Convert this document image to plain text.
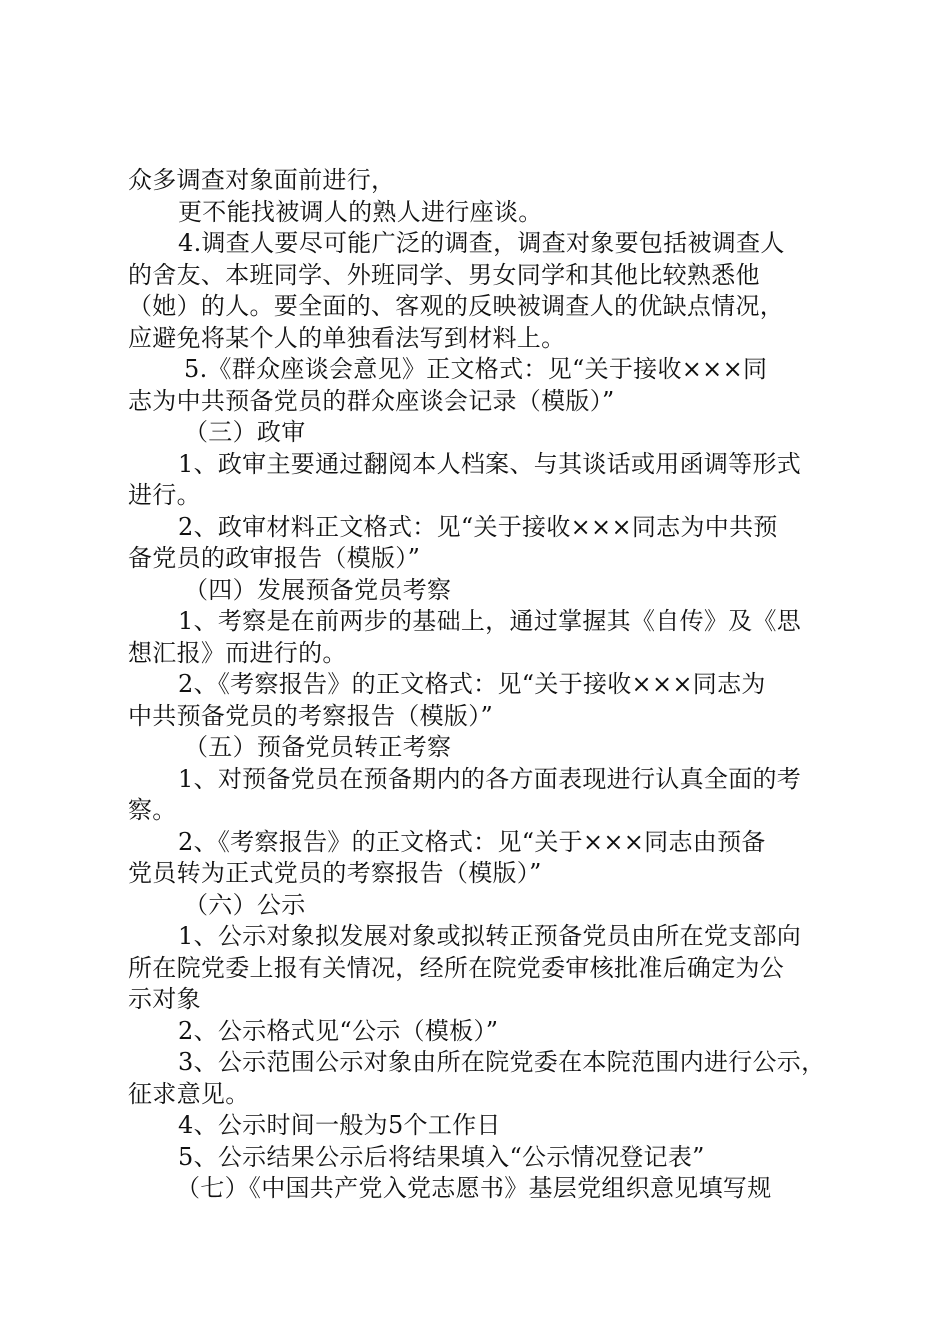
众多调查对象面前进行，
更不能找被调人的熟人进行座谈。
4.调查人要尽可能广泛的调查，调查对象要包括被调查人
的舍友、本班同学、外班同学、男女同学和其他比较熟悉他
（她）的人。要全面的、客观的反映被调查人的优缺点情况，
应避免将某个人的单独看法写到材料上。
5.《群众座谈会意见》正文格式：见“关于接收×××同
志为中共预备党员的群众座谈会记录（模版）”
（三）政审
1、政审主要通过翻阅本人档案、与其谈话或用函调等形式
进行。
2、政审材料正文格式：见“关于接收×××同志为中共预
备党员的政审报告（模版）”
（四）发展预备党员考察
1、考察是在前两步的基础上，通过掌握其《自传》及《思
想汇报》而进行的。
2、《考察报告》的正文格式：见“关于接收×××同志为
中共预备党员的考察报告（模版）”
（五）预备党员转正考察
1、对预备党员在预备期内的各方面表现进行认真全面的考
察。
2、《考察报告》的正文格式：见“关于×××同志由预备
党员转为正式党员的考察报告（模版）”
（六）公示
1、公示对象拟发展对象或拟转正预备党员由所在党支部向
所在院党委上报有关情况，经所在院党委审核批准后确定为公
示对象
2、公示格式见“公示（模板）”
3、公示范围公示对象由所在院党委在本院范围内进行公示，
征求意见。
4、公示时间一般为5个工作日
5、公示结果公示后将结果填入“公示情况登记表”
（七）《中国共产党入党志愿书》基层党组织意见填写规
